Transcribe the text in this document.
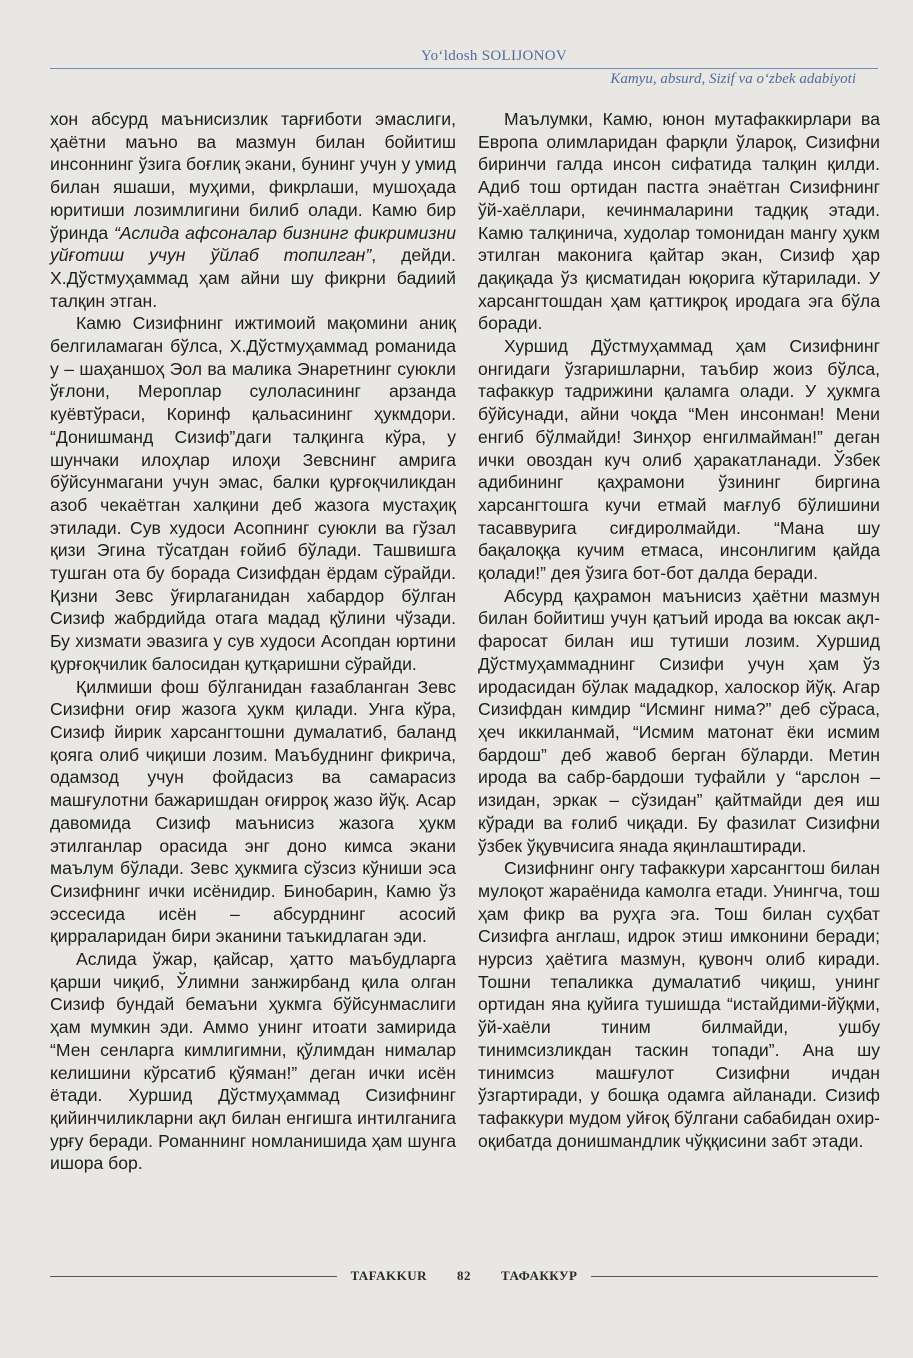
Yo‘ldosh SOLIJONOV
Kamyu, absurd, Sizif va o‘zbek adabiyoti

хон абсурд маънисизлик тарғиботи эмаслиги, ҳаётни маъно ва мазмун билан бойитиш инсоннинг ўзига боғлиқ экани, бунинг учун у умид билан яшаши, муҳими, фикрлаши, мушоҳада юритиши лозимлигини билиб олади. Камю бир ўринда “Аслида афсоналар бизнинг фикримизни уйғотиш учун ўйлаб топилган”, дейди. Х.Дўстмуҳаммад ҳам айни шу фикрни бадиий талқин этган.

Камю Сизифнинг ижтимоий мақомини аниқ белгиламаган бўлса, Х.Дўстмуҳаммад романида у – шаҳаншоҳ Эол ва малика Энаретнинг суюкли ўғлони, Мероплар сулоласининг арзанда куёвтўраси, Коринф қальасининг ҳукмдори. “Донишманд Сизиф”даги талқинга кўра, у шунчаки илоҳлар илоҳи Зевснинг амрига бўйсунмагани учун эмас, балки қурғоқчиликдан азоб чекаётган халқини деб жазога мустаҳиқ этилади. Сув худоси Асопнинг суюкли ва гўзал қизи Эгина тўсатдан ғойиб бўлади. Ташвишга тушган ота бу борада Сизифдан ёрдам сўрайди. Қизни Зевс ўғирлаганидан хабардор бўлган Сизиф жабрдийда отага мадад қўлини чўзади. Бу хизмати эвазига у сув худоси Асопдан юртини қурғоқчилик балосидан қутқаришни сўрайди.

Қилмиши фош бўлганидан ғазабланган Зевс Сизифни оғир жазога ҳукм қилади. Унга кўра, Сизиф йирик харсангтошни думалатиб, баланд қояга олиб чиқиши лозим. Маъбуднинг фикрича, одамзод учун фойдасиз ва самарасиз машғулотни бажаришдан оғирроқ жазо йўқ. Асар давомида Сизиф маънисиз жазога ҳукм этилганлар орасида энг доно кимса экани маълум бўлади. Зевс ҳукмига сўзсиз кўниши эса Сизифнинг ички исёнидир. Бинобарин, Камю ўз эссесида исён – абсурднинг асосий қирраларидан бири эканини таъкидлаган эди.

Аслида ўжар, қайсар, ҳатто маъбудларга қарши чиқиб, Ўлимни занжирбанд қила олган Сизиф бундай бемаъни ҳукмга бўйсунмаслиги ҳам мумкин эди. Аммо унинг итоати замирида “Мен сенларга кимлигимни, қўлимдан нималар келишини кўрсатиб қўяман!” деган ички исён ётади. Хуршид Дўстмуҳаммад Сизифнинг қийинчиликларни ақл билан енгишга интилганига урғу беради. Романнинг номланишида ҳам шунга ишора бор.

Маълумки, Камю, юнон мутафаккирлари ва Европа олимларидан фарқли ўлароқ, Сизифни биринчи галда инсон сифатида талқин қилди. Адиб тош ортидан пастга энаётган Сизифнинг ўй-хаёллари, кечинмаларини тадқиқ этади. Камю талқинича, худолар томонидан мангу ҳукм этилган маконига қайтар экан, Сизиф ҳар дақиқада ўз қисматидан юқорига кўтарилади. У харсангтошдан ҳам қаттиқроқ иродага эга бўла боради.

Хуршид Дўстмуҳаммад ҳам Сизифнинг онгидаги ўзгаришларни, таъбир жоиз бўлса, тафаккур тадрижини қаламга олади. У ҳукмга бўйсунади, айни чоқда “Мен инсонман! Мени енгиб бўлмайди! Зинҳор енгилмайман!” деган ички овоздан куч олиб ҳаракатланади. Ўзбек адибининг қаҳрамони ўзининг биргина харсангтошга кучи етмай мағлуб бўлишини тасаввурига сиғдиролмайди. “Мана шу бақалоққа кучим етмаса, инсонлигим қайда қолади!” дея ўзига бот-бот далда беради.

Абсурд қаҳрамон маънисиз ҳаётни мазмун билан бойитиш учун қатъий ирода ва юксак ақл-фаросат билан иш тутиши лозим. Хуршид Дўстмуҳаммаднинг Сизифи учун ҳам ўз иродасидан бўлак мададкор, халоскор йўқ. Агар Сизифдан кимдир “Исминг нима?” деб сўраса, ҳеч иккиланмай, “Исмим матонат ёки исмим бардош” деб жавоб берган бўларди. Метин ирода ва сабр-бардоши туфайли у “арслон – изидан, эркак – сўзидан” қайтмайди дея иш кўради ва ғолиб чиқади. Бу фазилат Сизифни ўзбек ўқувчисига янада яқинлаштиради.

Сизифнинг онгу тафаккури харсангтош билан мулоқот жараёнида камолга етади. Унингча, тош ҳам фикр ва руҳга эга. Тош билан суҳбат Сизифга англаш, идрок этиш имконини беради; нурсиз ҳаётига мазмун, қувонч олиб киради. Тошни тепаликка думалатиб чиқиш, унинг ортидан яна қуйига тушишда “истайдими-йўқми, ўй-хаёли тиним билмайди, ушбу тинимсизликдан таскин топади”. Ана шу тинимсиз машғулот Сизифни ичдан ўзгартиради, у бошқа одамга айланади. Сизиф тафаккури мудом уйғоқ бўлгани сабабидан охир-оқибатда донишмандлик чўққисини забт этади.

TAFAKKUR 82 ТАФАККУР
